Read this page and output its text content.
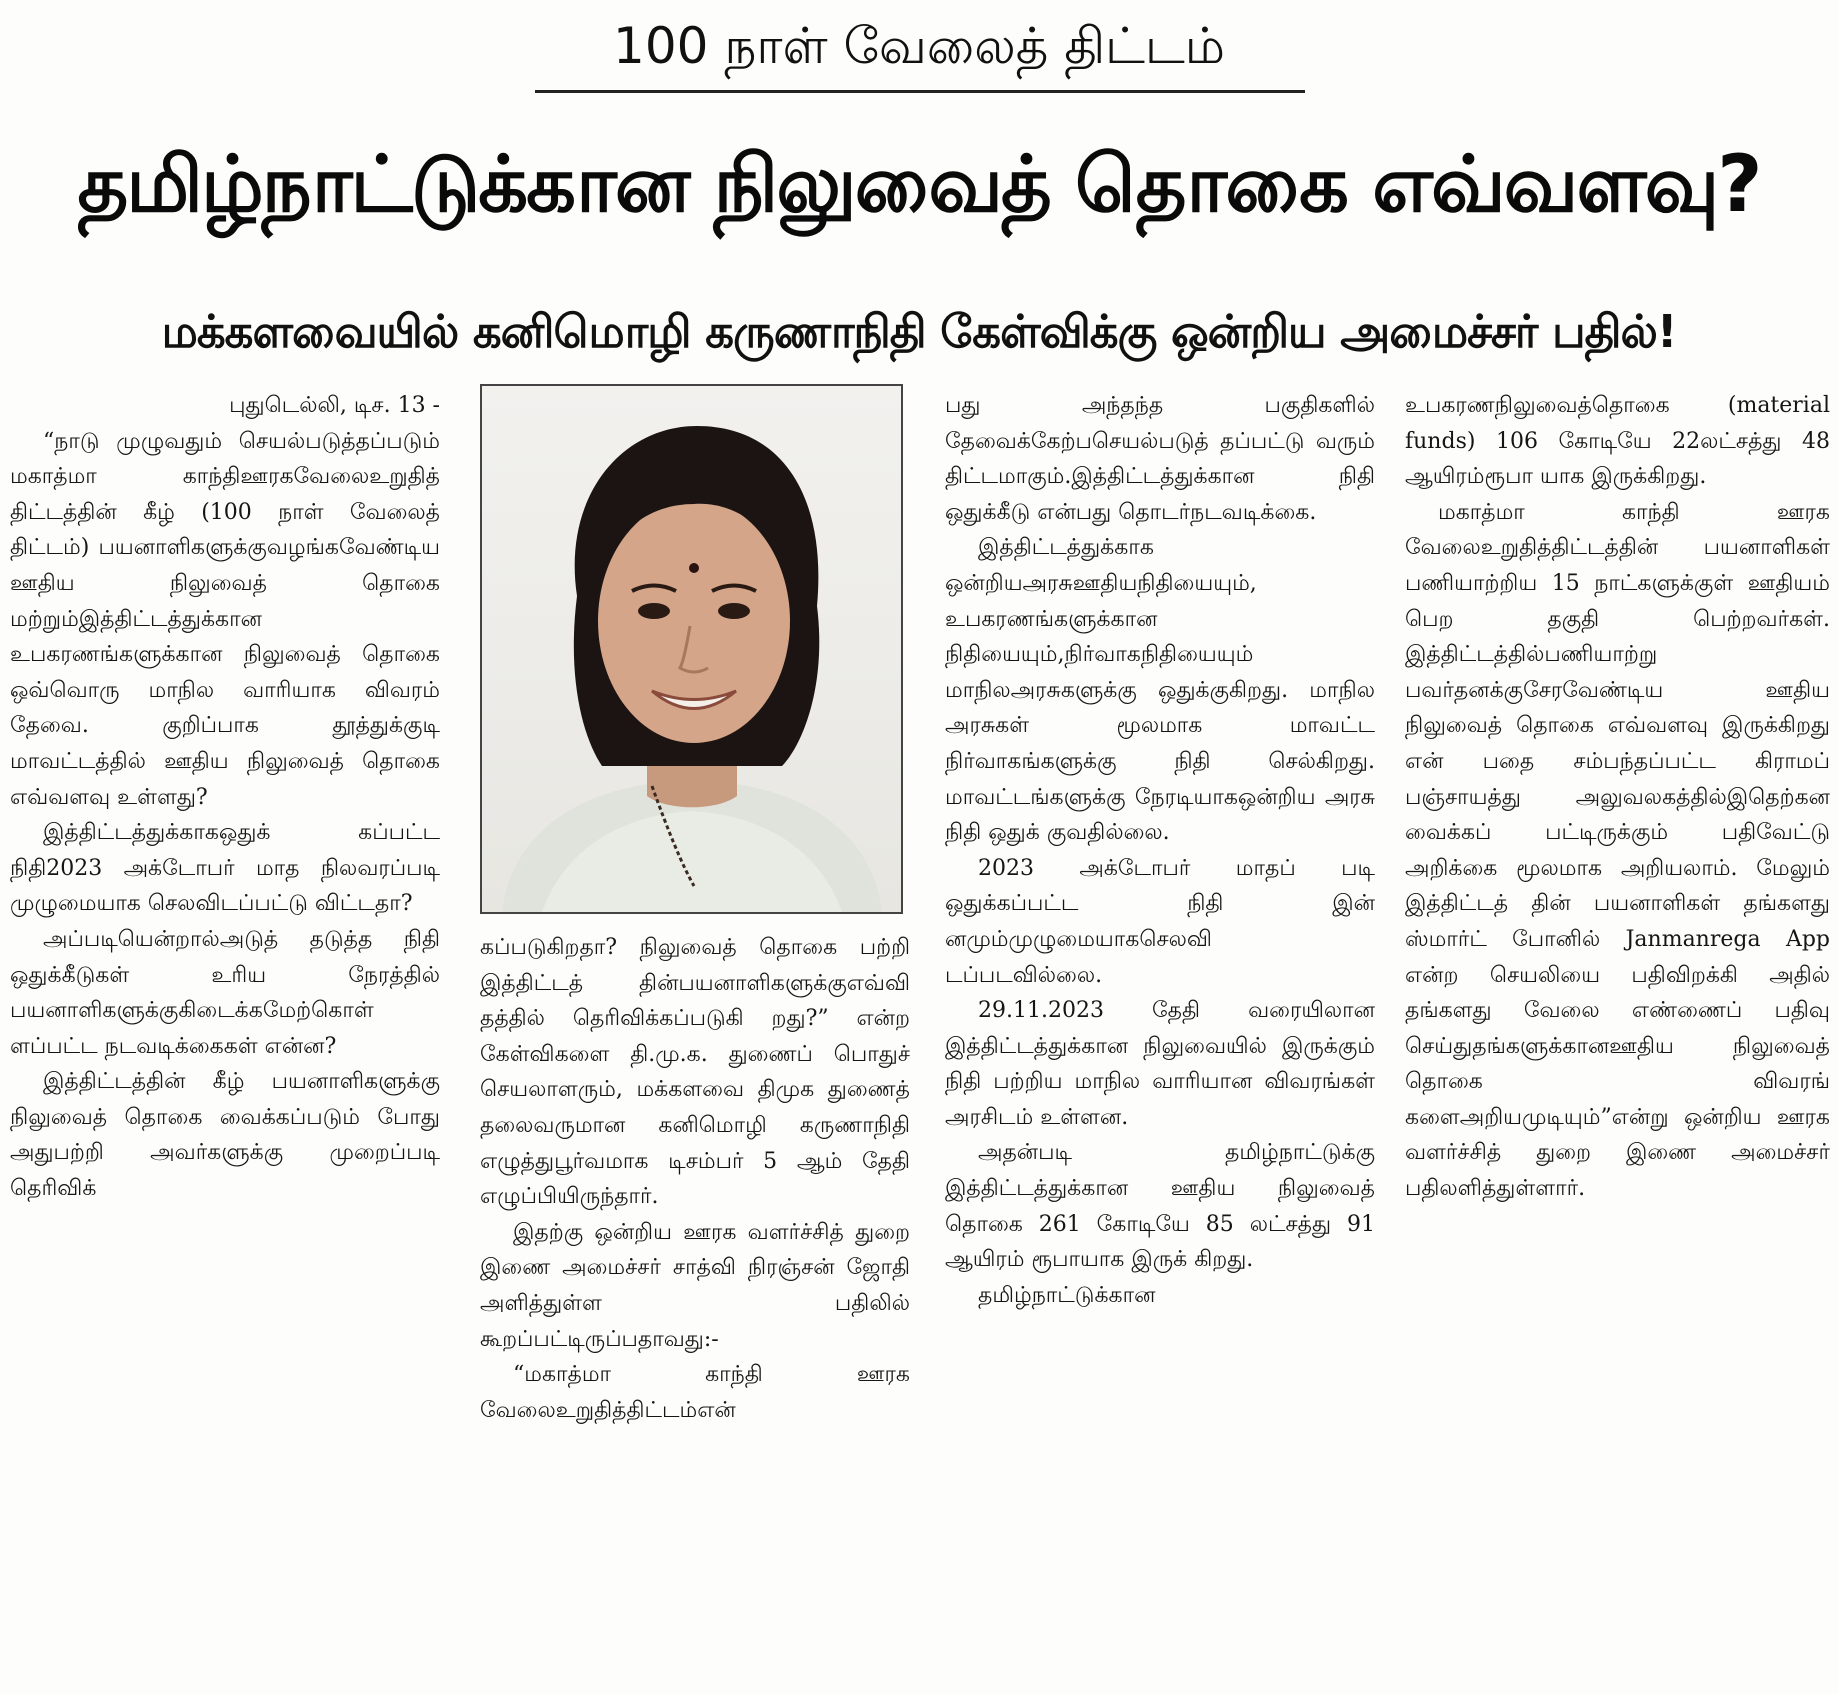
100 நாள் வேலைத் திட்டம்
தமிழ்நாட்டுக்கான நிலுவைத் தொகை எவ்வளவு?
மக்களவையில் கனிமொழி கருணாநிதி கேள்விக்கு ஒன்றிய அமைச்சர் பதில்!

புதுடெல்லி, டிச. 13 -

“நாடு முழுவதும் செயல்படுத்தப்படும் மகாத்மா காந்திஊரகவேலைஉறுதித் திட்டத்தின் கீழ் (100 நாள் வேலைத் திட்டம்) பயனாளிகளுக்குவழங்கவேண்டிய ஊதிய நிலுவைத் தொகை மற்றும்இத்திட்டத்துக்கான உபகரணங்களுக்கான நிலுவைத் தொகை ஒவ்வொரு மாநில வாரியாக விவரம் தேவை. குறிப்பாக தூத்துக்குடி மாவட்டத்தில் ஊதிய நிலுவைத் தொகை எவ்வளவு உள்ளது?

இத்திட்டத்துக்காகஒதுக் கப்பட்ட நிதி2023 அக்டோபர் மாத நிலவரப்படி முழுமையாக செலவிடப்பட்டு விட்டதா?

அப்படியென்றால்அடுத் தடுத்த நிதி ஒதுக்கீடுகள் உரிய நேரத்தில் பயனாளிகளுக்குகிடைக்கமேற்கொள் ளப்பட்ட நடவடிக்கைகள் என்ன?

இத்திட்டத்தின் கீழ் பயனாளிகளுக்கு நிலுவைத் தொகை வைக்கப்படும் போது அதுபற்றி அவர்களுக்கு முறைப்படி தெரிவிக்

கப்படுகிறதா? நிலுவைத் தொகை பற்றி இத்திட்டத் தின்பயனாளிகளுக்குஎவ்வி தத்தில் தெரிவிக்கப்படுகி றது?” என்ற கேள்விகளை தி.மு.க. துணைப் பொதுச் செயலாளரும், மக்களவை திமுக துணைத் தலைவருமான கனிமொழி கருணாநிதி எழுத்துபூர்வமாக டிசம்பர் 5 ஆம் தேதி எழுப்பியிருந்தார்.

இதற்கு ஒன்றிய ஊரக வளர்ச்சித் துறை இணை அமைச்சர் சாத்வி நிரஞ்சன் ஜோதி அளித்துள்ள பதிலில் கூறப்பட்டிருப்பதாவது:-

“மகாத்மா காந்தி ஊரக வேலைஉறுதித்திட்டம்என்

பது அந்தந்த பகுதிகளில் தேவைக்கேற்பசெயல்படுத் தப்பட்டு வரும் திட்டமாகும்.இத்திட்டத்துக்கான நிதி ஒதுக்கீடு என்பது தொடர்நடவடிக்கை.

இத்திட்டத்துக்காக ஒன்றியஅரசுஊதியநிதியையும், உபகரணங்களுக்கான நிதியையும்,நிர்வாகநிதியையும் மாநிலஅரசுகளுக்கு ஒதுக்குகிறது. மாநில அரசுகள் மூலமாக மாவட்ட நிர்வாகங்களுக்கு நிதி செல்கிறது. மாவட்டங்களுக்கு நேரடியாகஒன்றிய அரசு நிதி ஒதுக் குவதில்லை.

2023 அக்டோபர் மாதப் படி ஒதுக்கப்பட்ட நிதி இன் னமும்முழுமையாகசெலவி டப்படவில்லை.

29.11.2023 தேதி வரையிலான இத்திட்டத்துக்கான நிலுவையில் இருக்கும் நிதி பற்றிய மாநில வாரியான விவரங்கள் அரசிடம் உள்ளன.

அதன்படி தமிழ்நாட்டுக்கு இத்திட்டத்துக்கான ஊதிய நிலுவைத் தொகை 261 கோடியே 85 லட்சத்து 91 ஆயிரம் ரூபாயாக இருக் கிறது.

தமிழ்நாட்டுக்கான

உபகரணநிலுவைத்தொகை (material funds) 106 கோடியே 22லட்சத்து 48 ஆயிரம்ரூபா யாக இருக்கிறது.

மகாத்மா காந்தி ஊரக வேலைஉறுதித்திட்டத்தின் பயனாளிகள் பணியாற்றிய 15 நாட்களுக்குள் ஊதியம் பெற தகுதி பெற்றவர்கள். இத்திட்டத்தில்பணியாற்று பவர்தனக்குசேரவேண்டிய ஊதிய நிலுவைத் தொகை எவ்வளவு இருக்கிறது என் பதை சம்பந்தப்பட்ட கிராமப் பஞ்சாயத்து அலுவலகத்தில்இதெற்கன வைக்கப் பட்டிருக்கும் பதிவேட்டு அறிக்கை மூலமாக அறியலாம். மேலும் இத்திட்டத் தின் பயனாளிகள் தங்களது ஸ்மார்ட் போனில் Janmanrega App என்ற செயலியை பதிவிறக்கி அதில் தங்களது வேலை எண்ணைப் பதிவு செய்துதங்களுக்கானஊதிய நிலுவைத் தொகை விவரங் களைஅறியமுடியும்”என்று ஒன்றிய ஊரக வளர்ச்சித் துறை இணை அமைச்சர் பதிலளித்துள்ளார்.
